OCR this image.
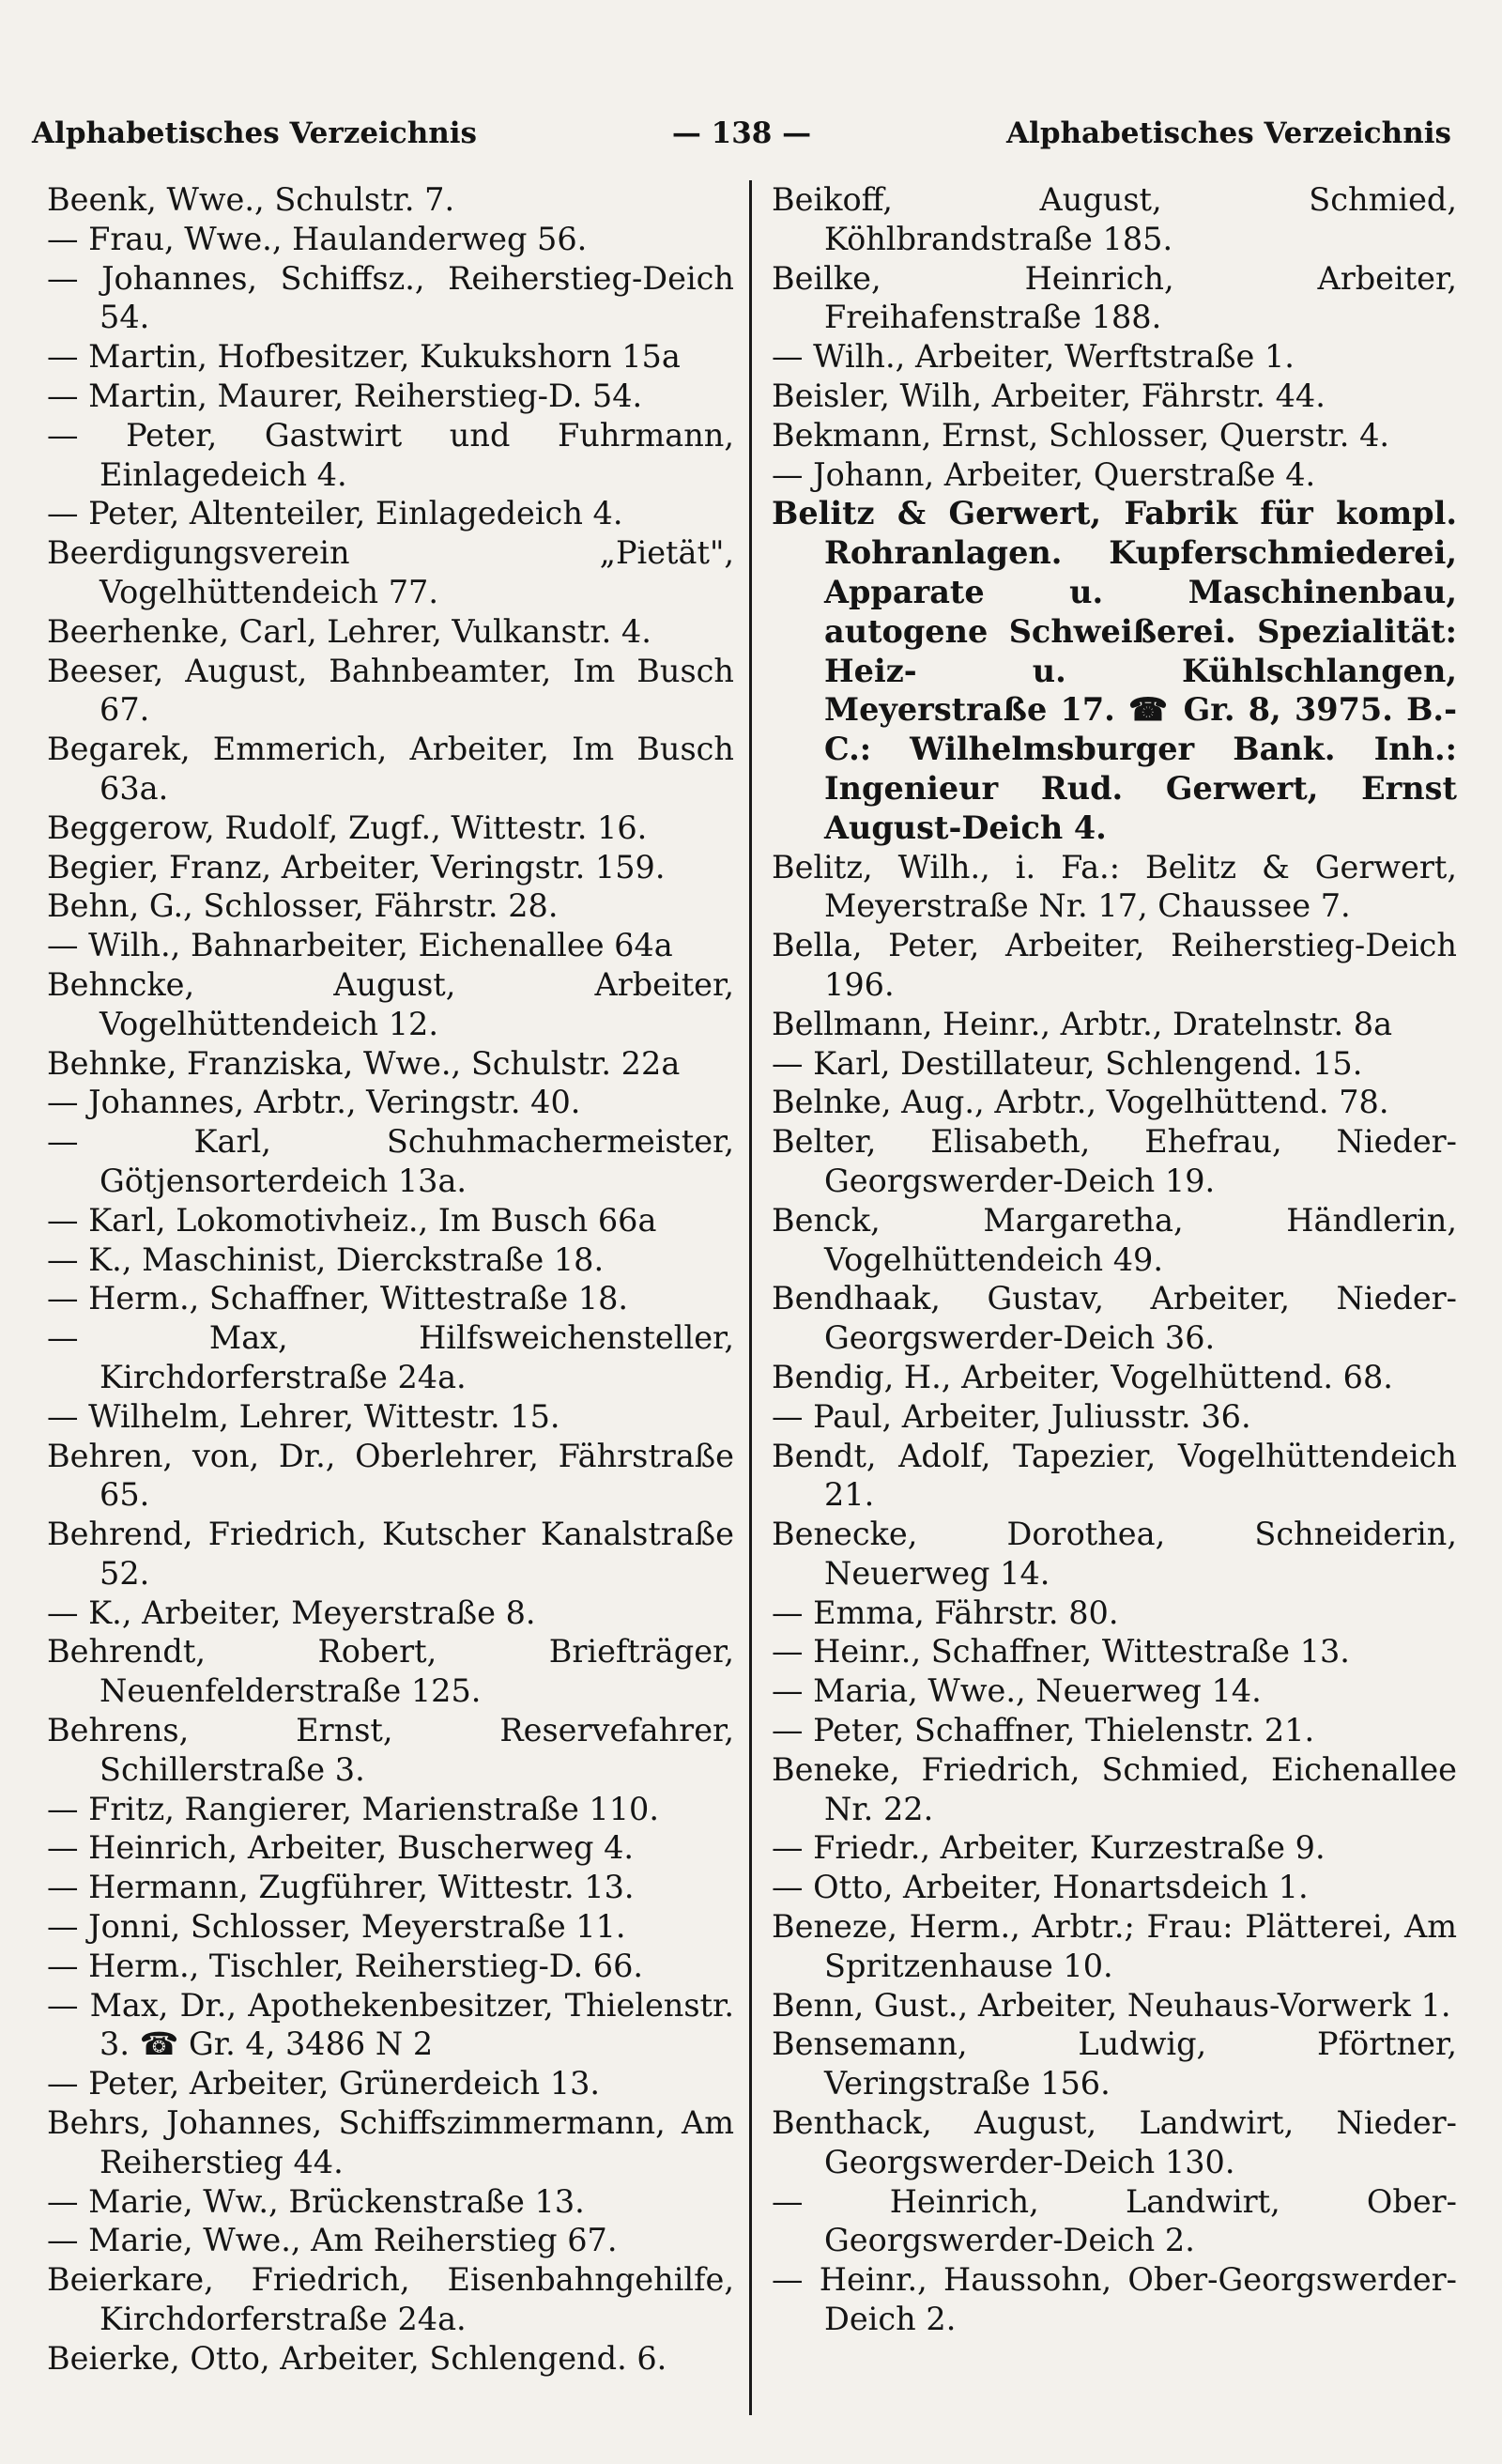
Alphabetisches Verzeichnis	— 138 —	Alphabetisches Verzeichnis

Beenk, Wwe., Schulstr. 7.

— Frau, Wwe., Haulanderweg 56.

— Johannes, Schiffsz., Reiherstieg-Deich 54.

— Martin, Hofbesitzer, Kukukshorn 15a

— Martin, Maurer, Reiherstieg-D. 54.

— Peter, Gastwirt und Fuhrmann, Einlagedeich 4.

— Peter, Altenteiler, Einlagedeich 4.

Beerdigungsverein „Pietät", Vogelhüttendeich 77.

Beerhenke, Carl, Lehrer, Vulkanstr. 4.

Beeser, August, Bahnbeamter, Im Busch 67.

Begarek, Emmerich, Arbeiter, Im Busch 63a.

Beggerow, Rudolf, Zugf., Wittestr. 16.

Begier, Franz, Arbeiter, Veringstr. 159.

Behn, G., Schlosser, Fährstr. 28.

— Wilh., Bahnarbeiter, Eichenallee 64a

Behncke, August, Arbeiter, Vogelhüttendeich 12.

Behnke, Franziska, Wwe., Schulstr. 22a

— Johannes, Arbtr., Veringstr. 40.

— Karl, Schuhmachermeister, Götjensorterdeich 13a.

— Karl, Lokomotivheiz., Im Busch 66a

— K., Maschinist, Dierckstraße 18.

— Herm., Schaffner, Wittestraße 18.

— Max, Hilfsweichensteller, Kirchdorferstraße 24a.

— Wilhelm, Lehrer, Wittestr. 15.

Behren, von, Dr., Oberlehrer, Fährstraße 65.

Behrend, Friedrich, Kutscher Kanalstraße 52.

— K., Arbeiter, Meyerstraße 8.

Behrendt, Robert, Briefträger, Neuenfelderstraße 125.

Behrens, Ernst, Reservefahrer, Schillerstraße 3.

— Fritz, Rangierer, Marienstraße 110.

— Heinrich, Arbeiter, Buscherweg 4.

— Hermann, Zugführer, Wittestr. 13.

— Jonni, Schlosser, Meyerstraße 11.

— Herm., Tischler, Reiherstieg-D. 66.

— Max, Dr., Apothekenbesitzer, Thielenstr. 3. ☎ Gr. 4, 3486 N 2

— Peter, Arbeiter, Grünerdeich 13.

Behrs, Johannes, Schiffszimmermann, Am Reiherstieg 44.

— Marie, Ww., Brückenstraße 13.

— Marie, Wwe., Am Reiherstieg 67.

Beierkare, Friedrich, Eisenbahngehilfe, Kirchdorferstraße 24a.

Beierke, Otto, Arbeiter, Schlengend. 6.

Beikoff, August, Schmied, Köhlbrandstraße 185.

Beilke, Heinrich, Arbeiter, Freihafenstraße 188.

— Wilh., Arbeiter, Werftstraße 1.

Beisler, Wilh, Arbeiter, Fährstr. 44.

Bekmann, Ernst, Schlosser, Querstr. 4.

— Johann, Arbeiter, Querstraße 4.

Belitz & Gerwert, Fabrik für kompl. Rohranlagen. Kupferschmiederei, Apparate u. Maschinenbau, autogene Schweißerei. Spezialität: Heiz- u. Kühlschlangen, Meyerstraße 17. ☎ Gr. 8, 3975. B.-C.: Wilhelmsburger Bank. Inh.: Ingenieur Rud. Gerwert, Ernst August-Deich 4.

Belitz, Wilh., i. Fa.: Belitz & Gerwert, Meyerstraße Nr. 17, Chaussee 7.

Bella, Peter, Arbeiter, Reiherstieg-Deich 196.

Bellmann, Heinr., Arbtr., Dratelnstr. 8a

— Karl, Destillateur, Schlengend. 15.

Belnke, Aug., Arbtr., Vogelhüttend. 78.

Belter, Elisabeth, Ehefrau, Nieder-Georgswerder-Deich 19.

Benck, Margaretha, Händlerin, Vogelhüttendeich 49.

Bendhaak, Gustav, Arbeiter, Nieder-Georgswerder-Deich 36.

Bendig, H., Arbeiter, Vogelhüttend. 68.

— Paul, Arbeiter, Juliusstr. 36.

Bendt, Adolf, Tapezier, Vogelhüttendeich 21.

Benecke, Dorothea, Schneiderin, Neuerweg 14.

— Emma, Fährstr. 80.

— Heinr., Schaffner, Wittestraße 13.

— Maria, Wwe., Neuerweg 14.

— Peter, Schaffner, Thielenstr. 21.

Beneke, Friedrich, Schmied, Eichenallee Nr. 22.

— Friedr., Arbeiter, Kurzestraße 9.

— Otto, Arbeiter, Honartsdeich 1.

Beneze, Herm., Arbtr.; Frau: Plätterei, Am Spritzenhause 10.

Benn, Gust., Arbeiter, Neuhaus-Vorwerk 1.

Bensemann, Ludwig, Pförtner, Veringstraße 156.

Benthack, August, Landwirt, Nieder-Georgswerder-Deich 130.

— Heinrich, Landwirt, Ober-Georgswerder-Deich 2.

— Heinr., Haussohn, Ober-Georgswerder-Deich 2.
